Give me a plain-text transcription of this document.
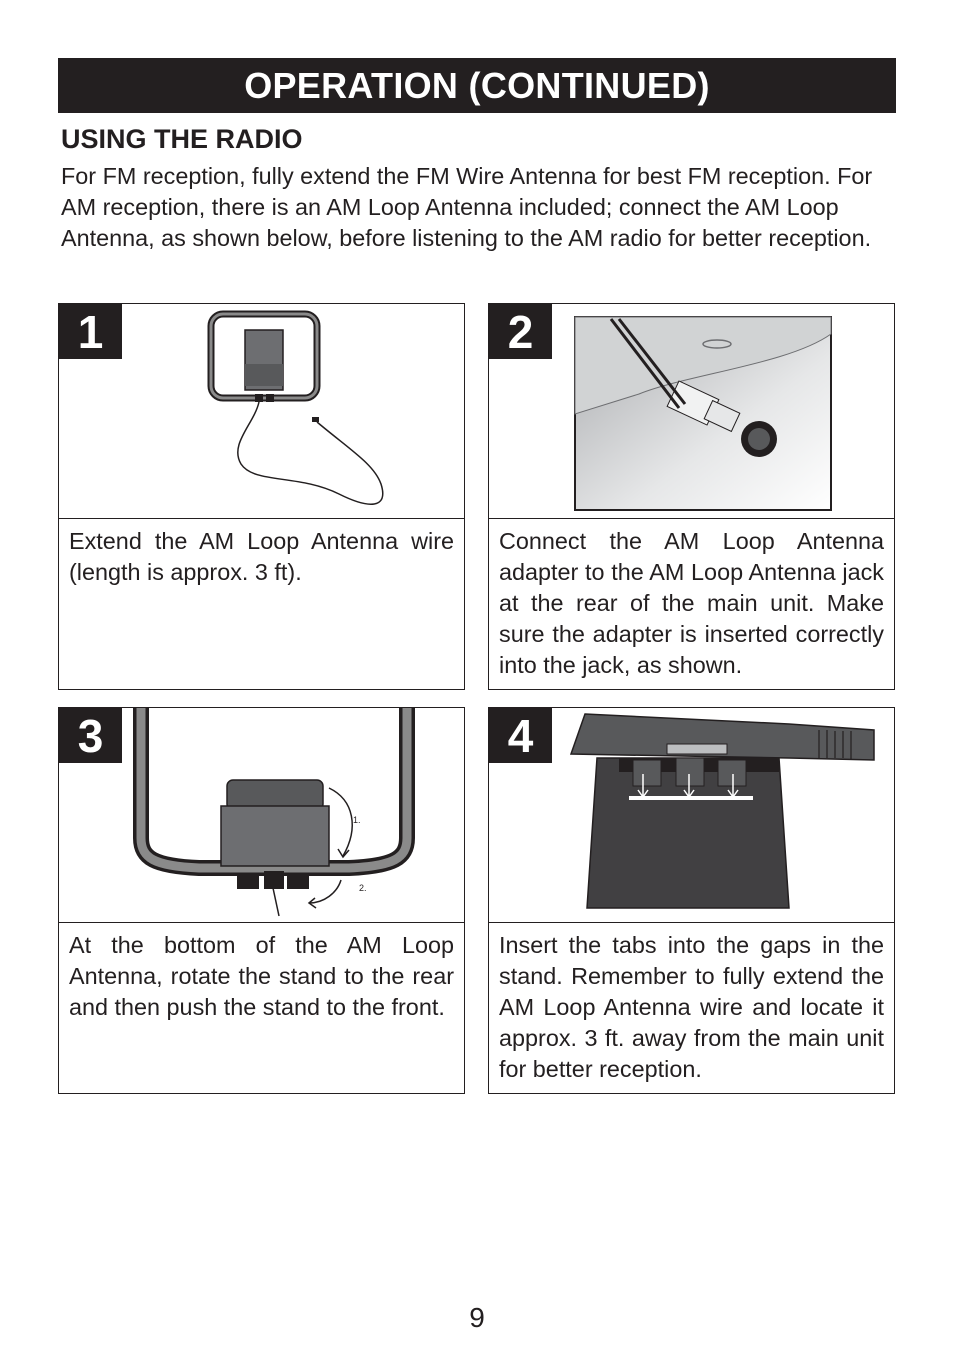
OPERATION (CONTINUED)
USING THE RADIO
For FM reception, fully extend the FM Wire Antenna for best FM reception. For AM reception, there is an AM Loop Antenna included; connect the AM Loop Antenna, as shown below, before listening to the AM radio for better reception.
1
Extend the AM Loop Antenna wire (length is approx. 3 ft).
2
Connect the AM Loop Antenna adapter to the AM Loop Antenna jack at the rear of the main unit. Make sure the adapter is inserted correctly into the jack, as shown.
1.
2.
3
At the bottom of the AM Loop Antenna, rotate the stand to the rear and then push the stand to the front.
4
Insert the tabs into the gaps in the stand. Remember to fully extend the AM Loop Antenna wire and locate it approx. 3 ft. away from the main unit for better reception.
9
